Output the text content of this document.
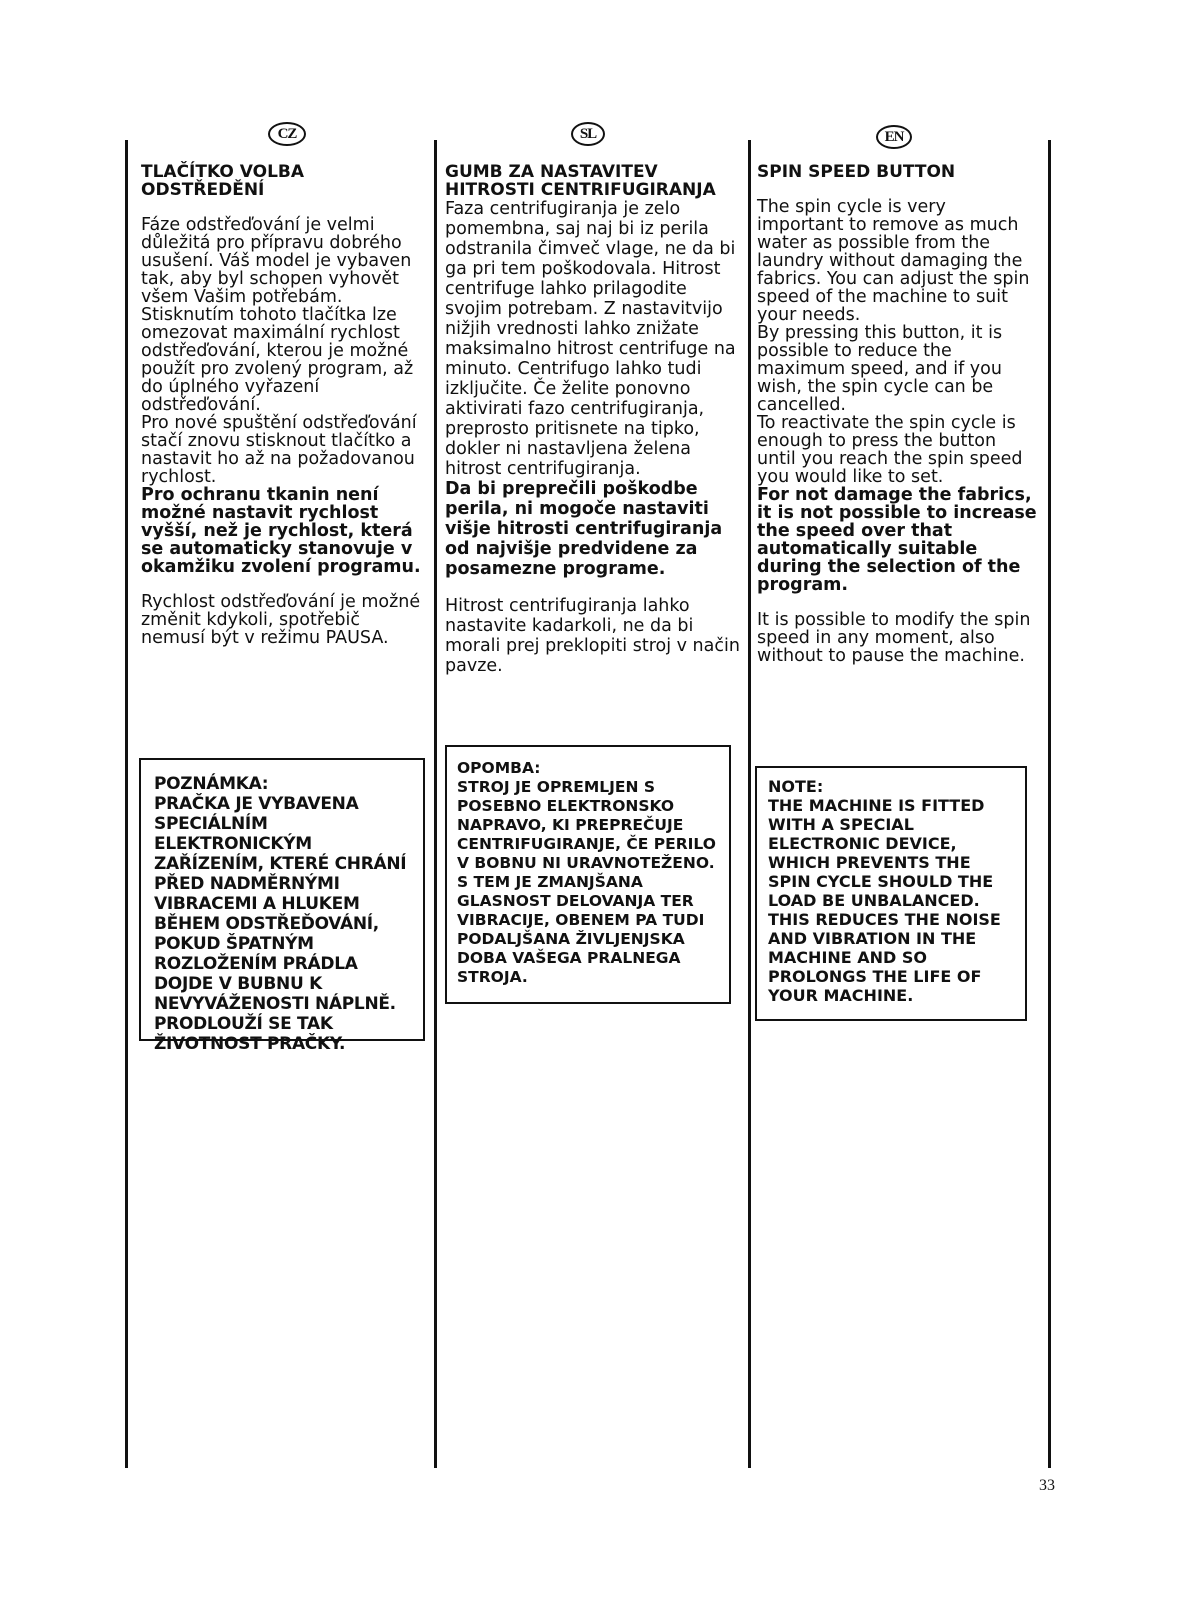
CZ	SL	EN

TLAČÍTKO VOLBA ODSTŘEDĚNÍ

Fáze odstřeďování je velmi důležitá pro přípravu dobrého usušení. Váš model je vybaven tak, aby byl schopen vyhovět všem Vašim potřebám.

Stisknutím tohoto tlačítka lze omezovat maximální rychlost odstřeďování, kterou je možné použít pro zvolený program, až do úplného vyřazení odstřeďování.

Pro nové spuštění odstřeďování stačí znovu stisknout tlačítko a nastavit ho až na požadovanou rychlost.

Pro ochranu tkanin není možné nastavit rychlost vyšší, než je rychlost, která se automaticky stanovuje v okamžiku zvolení programu.

Rychlost odstřeďování je možné změnit kdykoli, spotřebič nemusí být v režimu PAUSA.

GUMB ZA NASTAVITEV HITROSTI CENTRIFUGIRANJA

Faza centrifugiranja je zelo pomembna, saj naj bi iz perila odstranila čimveč vlage, ne da bi ga pri tem poškodovala. Hitrost centrifuge lahko prilagodite svojim potrebam. Z nastavitvijo nižjih vrednosti lahko znižate maksimalno hitrost centrifuge na minuto. Centrifugo lahko tudi izključite. Če želite ponovno aktivirati fazo centrifugiranja, preprosto pritisnete na tipko, dokler ni nastavljena želena hitrost centrifugiranja.

Da bi preprečili poškodbe perila, ni mogoče nastaviti višje hitrosti centrifugiranja od najvišje predvidene za posamezne programe.

Hitrost centrifugiranja lahko nastavite kadarkoli, ne da bi morali prej preklopiti stroj v način pavze.

SPIN SPEED BUTTON

The spin cycle is very important to remove as much water as possible from the laundry without damaging the fabrics. You can adjust the spin speed of the machine to suit your needs.

By pressing this button, it is possible to reduce the maximum speed, and if you wish, the spin cycle can be cancelled.

To reactivate the spin cycle is enough to press the button until you reach the spin speed you would like to set.

For not damage the fabrics, it is not possible to increase the speed over that automatically suitable during the selection of the program.

It is possible to modify the spin speed in any moment, also without to pause the machine.

POZNÁMKA:

PRAČKA JE VYBAVENA SPECIÁLNÍM ELEKTRONICKÝM ZAŘÍZENÍM, KTERÉ CHRÁNÍ PŘED NADMĚRNÝMI VIBRACEMI A HLUKEM BĚHEM ODSTŘEĎOVÁNÍ, POKUD ŠPATNÝM ROZLOŽENÍM PRÁDLA DOJDE V BUBNU K NEVYVÁŽENOSTI NÁPLNĚ. PRODLOUŽÍ SE TAK ŽIVOTNOST PRAČKY.

OPOMBA:

STROJ JE OPREMLJEN S POSEBNO ELEKTRONSKO NAPRAVO, KI PREPREČUJE CENTRIFUGIRANJE, ČE PERILO V BOBNU NI URAVNOTEŽENO. S TEM JE ZMANJŠANA GLASNOST DELOVANJA TER VIBRACIJE, OBENEM PA TUDI PODALJŠANA ŽIVLJENJSKA DOBA VAŠEGA PRALNEGA STROJA.

NOTE:

THE MACHINE IS FITTED WITH A SPECIAL ELECTRONIC DEVICE, WHICH PREVENTS THE SPIN CYCLE SHOULD THE LOAD BE UNBALANCED. THIS REDUCES THE NOISE AND VIBRATION IN THE MACHINE AND SO PROLONGS THE LIFE OF YOUR MACHINE.

33
